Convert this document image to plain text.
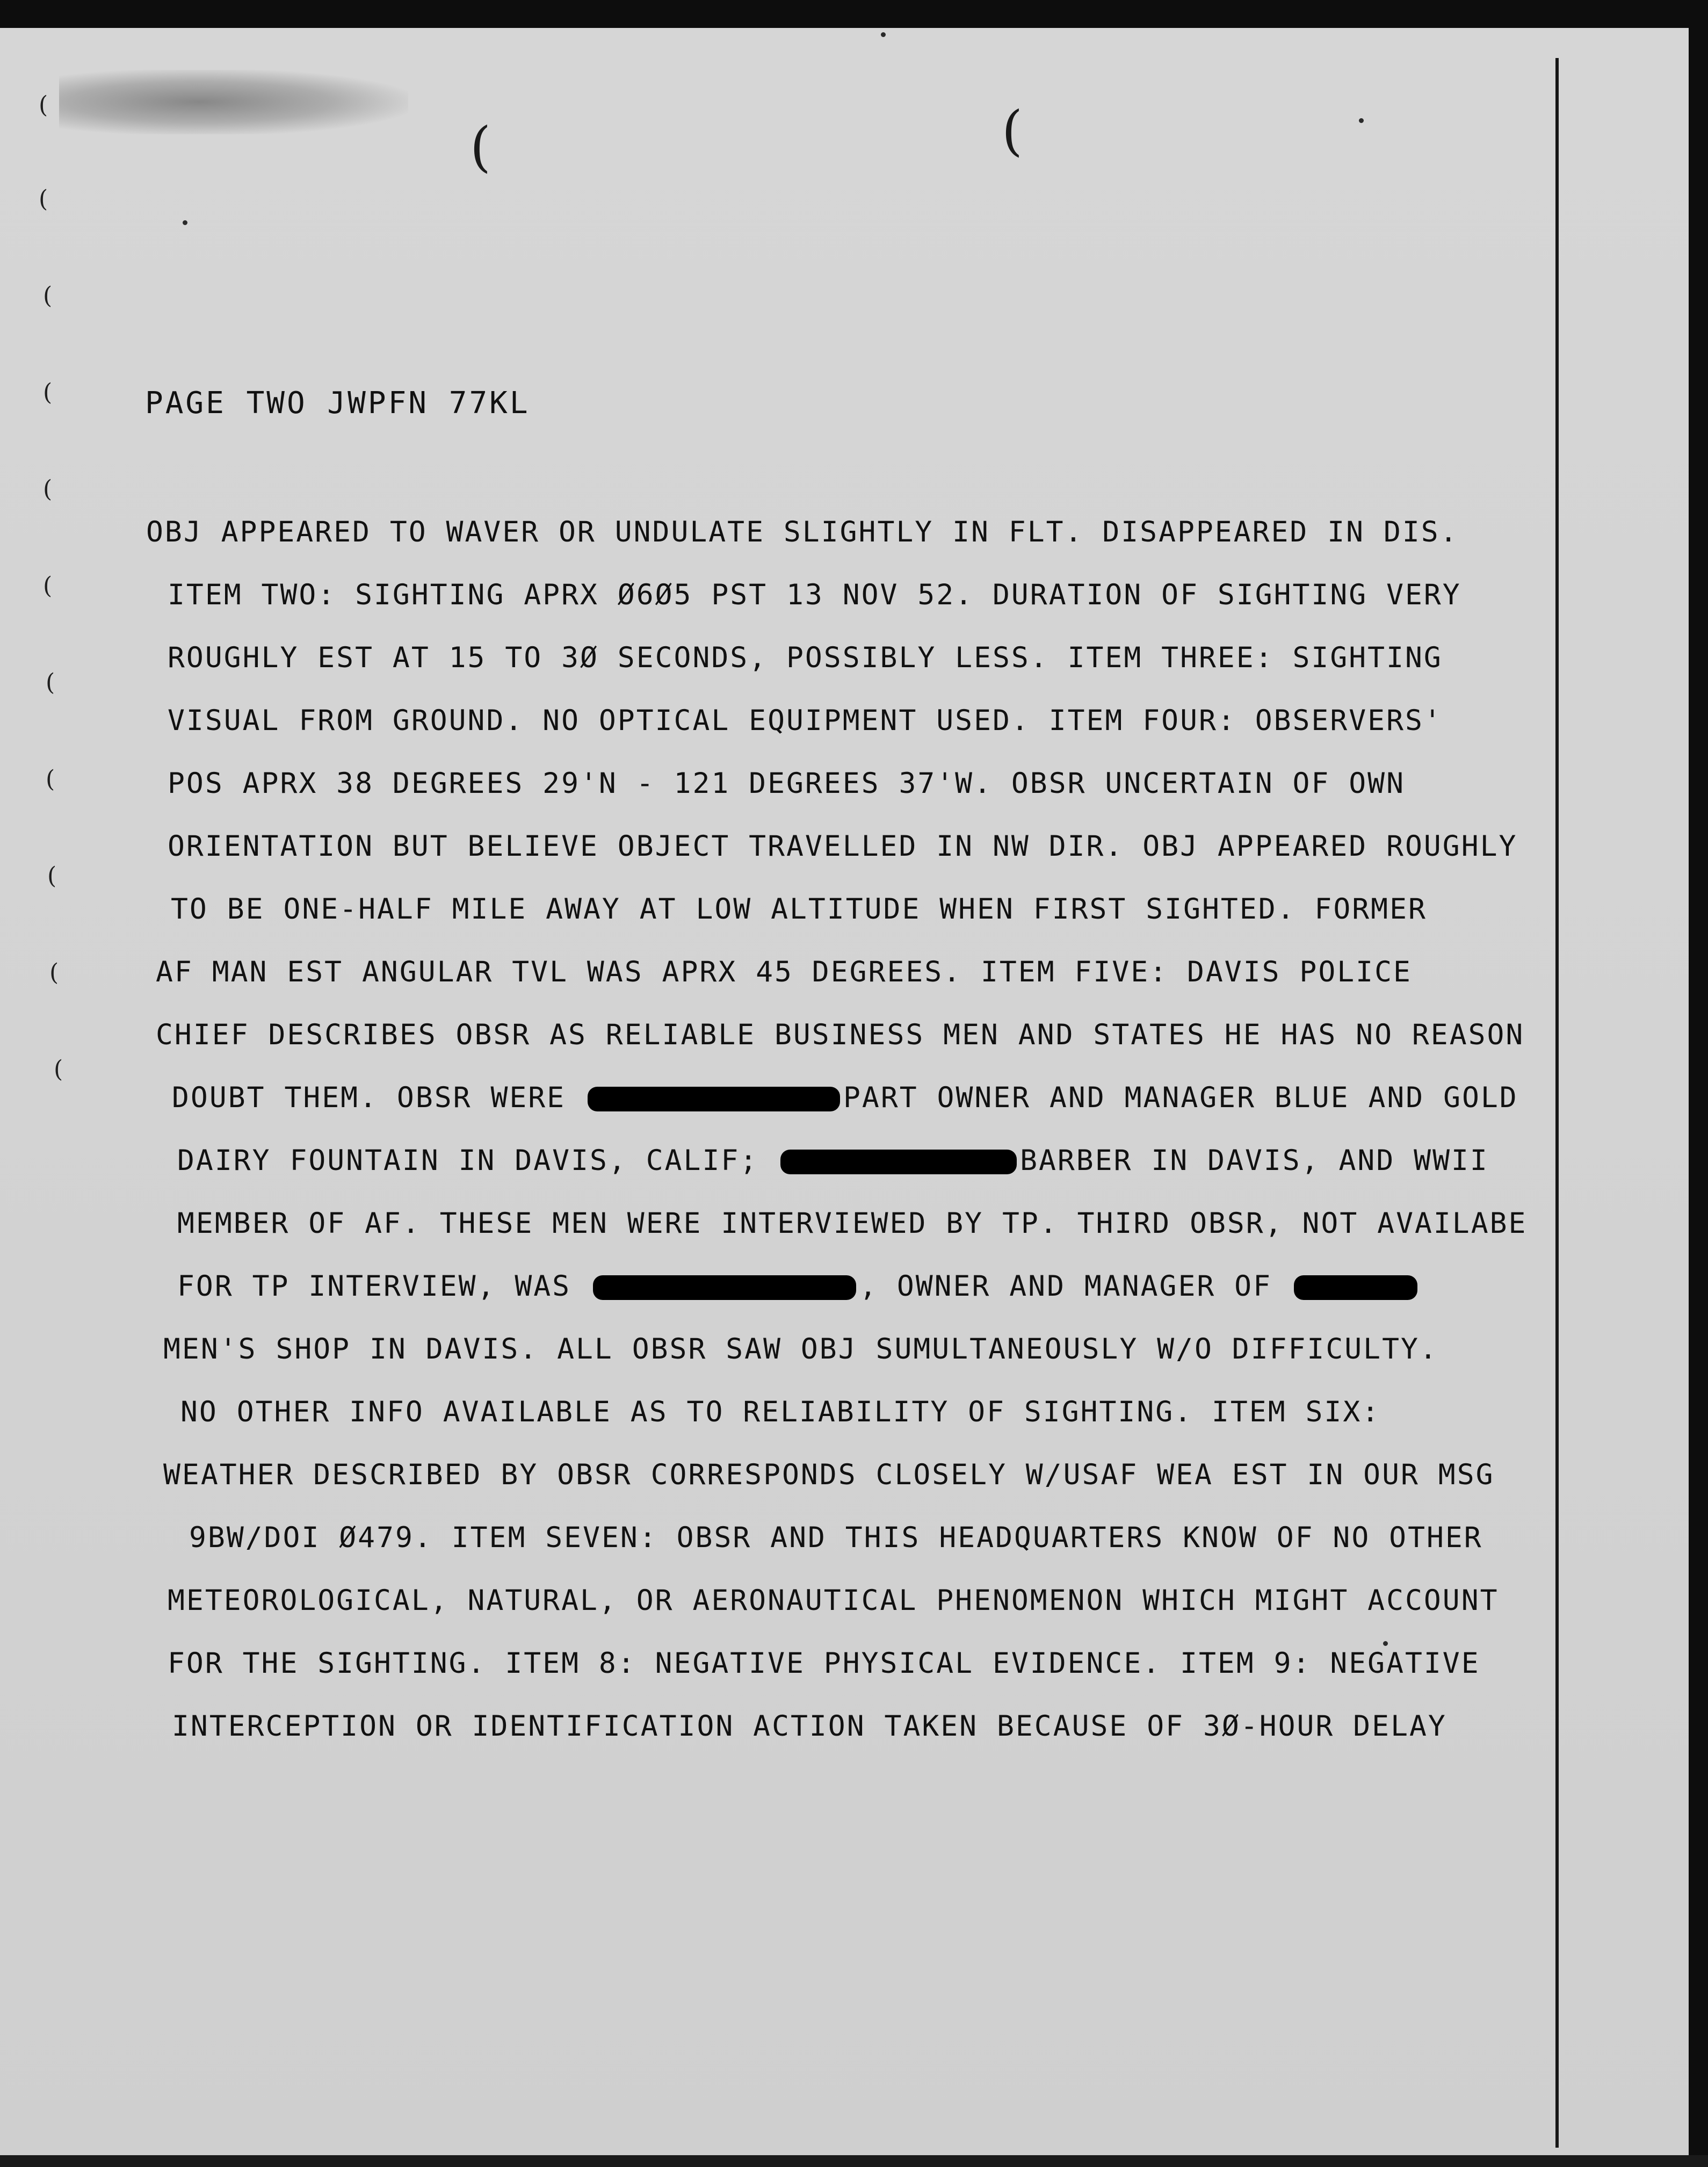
(	(
(
(
(
(
(
(
(
(
(
(
(
PAGE TWO JWPFN 77KL
OBJ APPEARED TO WAVER OR UNDULATE SLIGHTLY IN FLT. DISAPPEARED IN DIS.
ITEM TWO: SIGHTING APRX Ø6Ø5 PST 13 NOV 52. DURATION OF SIGHTING VERY
ROUGHLY EST AT 15 TO 3Ø SECONDS, POSSIBLY LESS. ITEM THREE: SIGHTING
VISUAL FROM GROUND. NO OPTICAL EQUIPMENT USED. ITEM FOUR: OBSERVERS'
POS APRX 38 DEGREES 29'N - 121 DEGREES 37'W. OBSR UNCERTAIN OF OWN
ORIENTATION BUT BELIEVE OBJECT TRAVELLED IN NW DIR. OBJ APPEARED ROUGHLY
TO BE ONE-HALF MILE AWAY AT LOW ALTITUDE WHEN FIRST SIGHTED. FORMER
AF MAN EST ANGULAR TVL WAS APRX 45 DEGREES. ITEM FIVE: DAVIS POLICE
CHIEF DESCRIBES OBSR AS RELIABLE BUSINESS MEN AND STATES HE HAS NO REASON
DOUBT THEM. OBSR WERE	PART OWNER AND MANAGER BLUE AND GOLD
DAIRY FOUNTAIN IN DAVIS, CALIF;	BARBER IN DAVIS, AND WWII
MEMBER OF AF. THESE MEN WERE INTERVIEWED BY TP. THIRD OBSR, NOT AVAILABE
FOR TP INTERVIEW, WAS	, OWNER AND MANAGER OF
MEN'S SHOP IN DAVIS. ALL OBSR SAW OBJ SUMULTANEOUSLY W/O DIFFICULTY.
NO OTHER INFO AVAILABLE AS TO RELIABILITY OF SIGHTING. ITEM SIX:
WEATHER DESCRIBED BY OBSR CORRESPONDS CLOSELY W/USAF WEA EST IN OUR MSG
9BW/DOI Ø479. ITEM SEVEN: OBSR AND THIS HEADQUARTERS KNOW OF NO OTHER
METEOROLOGICAL, NATURAL, OR AERONAUTICAL PHENOMENON WHICH MIGHT ACCOUNT
FOR THE SIGHTING. ITEM 8: NEGATIVE PHYSICAL EVIDENCE. ITEM 9: NEGATIVE
INTERCEPTION OR IDENTIFICATION ACTION TAKEN BECAUSE OF 3Ø-HOUR DELAY
